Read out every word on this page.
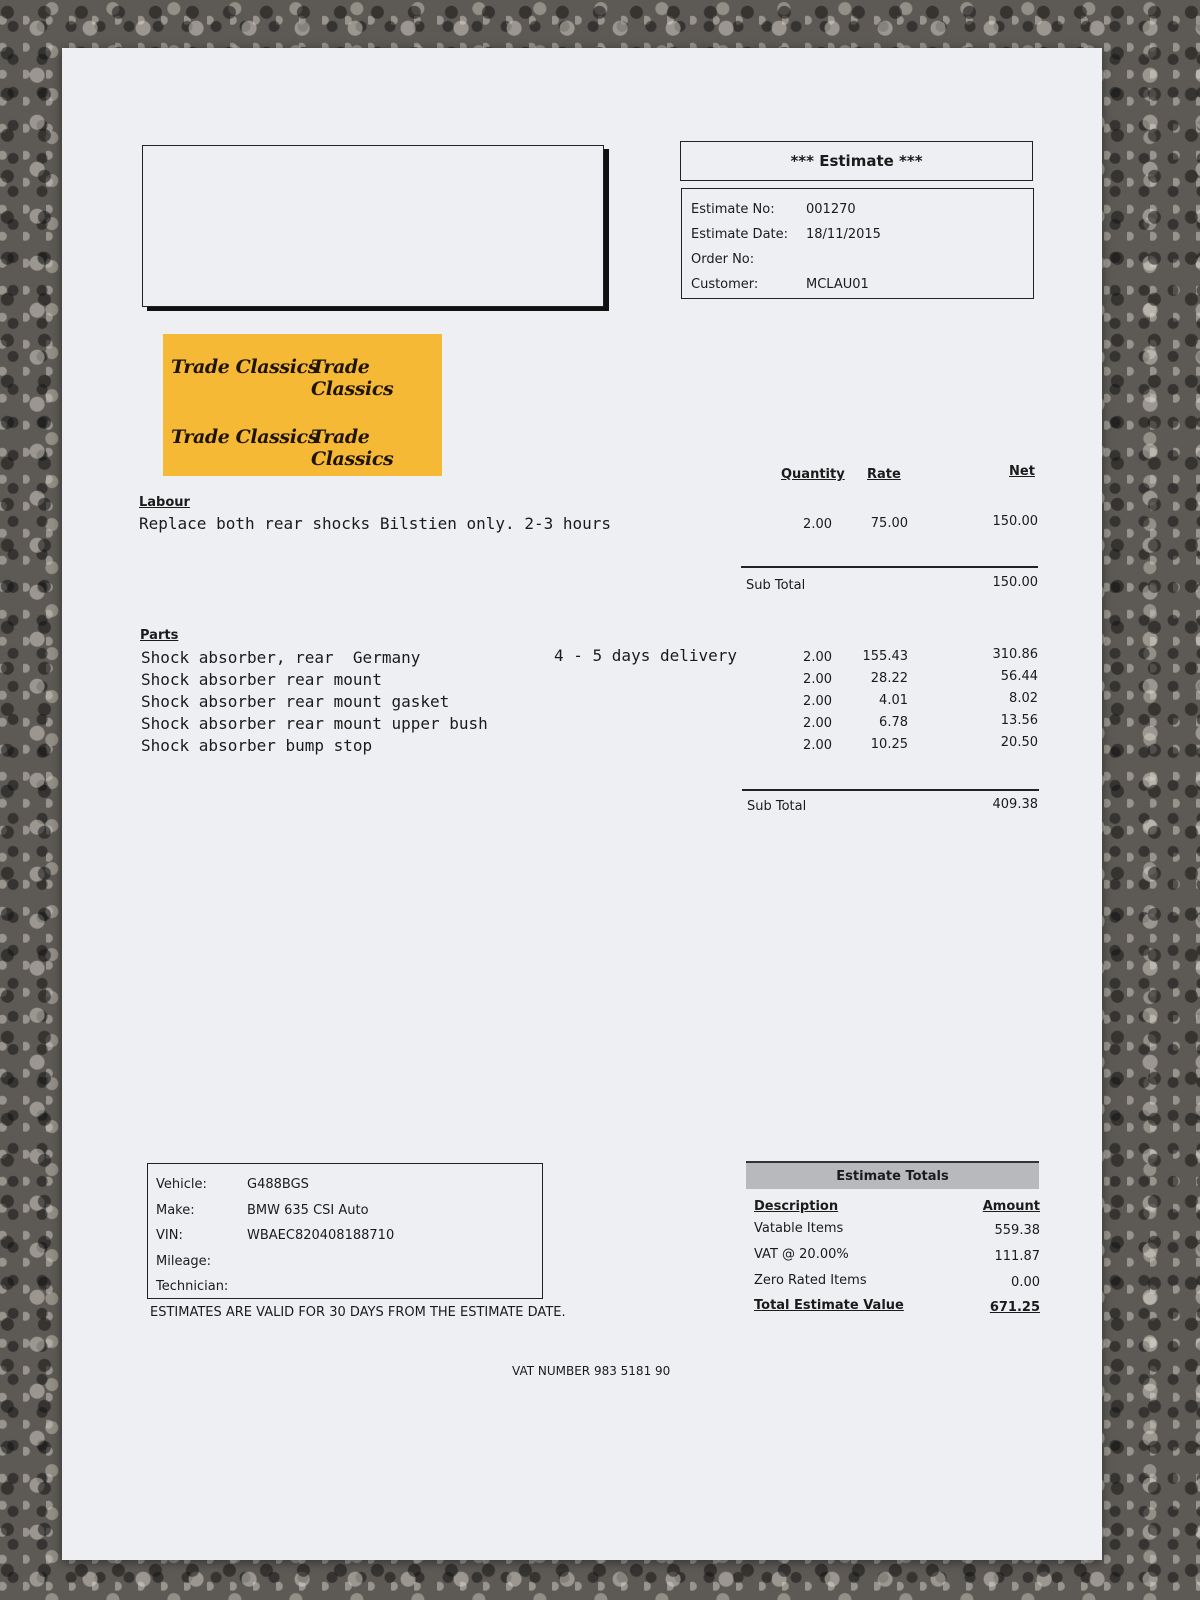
*** Estimate ***
Estimate No:	001270
Estimate Date:	18/11/2015
Order No:
Customer:	MCLAU01
Trade Classics
Trade Classics
Trade Classics
Trade Classics
Quantity Rate	Net
Labour
Replace both rear shocks Bilstien only. 2-3 hours	2.00	75.00	150.00
Sub Total	150.00
Parts
Shock absorber, rear  Germany	4 - 5 days delivery	2.00	155.43	310.86
Shock absorber rear mount	2.00	28.22	56.44
Shock absorber rear mount gasket	2.00	4.01	8.02
Shock absorber rear mount upper bush	2.00	6.78	13.56
Shock absorber bump stop	2.00	10.25	20.50
Sub Total	409.38
Vehicle:	G488BGS
Make:	BMW 635 CSI Auto
VIN:	WBAEC820408188710
Mileage:
Technician:
ESTIMATES ARE VALID FOR 30 DAYS FROM THE ESTIMATE DATE.
Estimate Totals
Description	Amount
Vatable Items	559.38
VAT @ 20.00%	111.87
Zero Rated Items	0.00
Total Estimate Value	671.25
VAT NUMBER 983 5181 90
